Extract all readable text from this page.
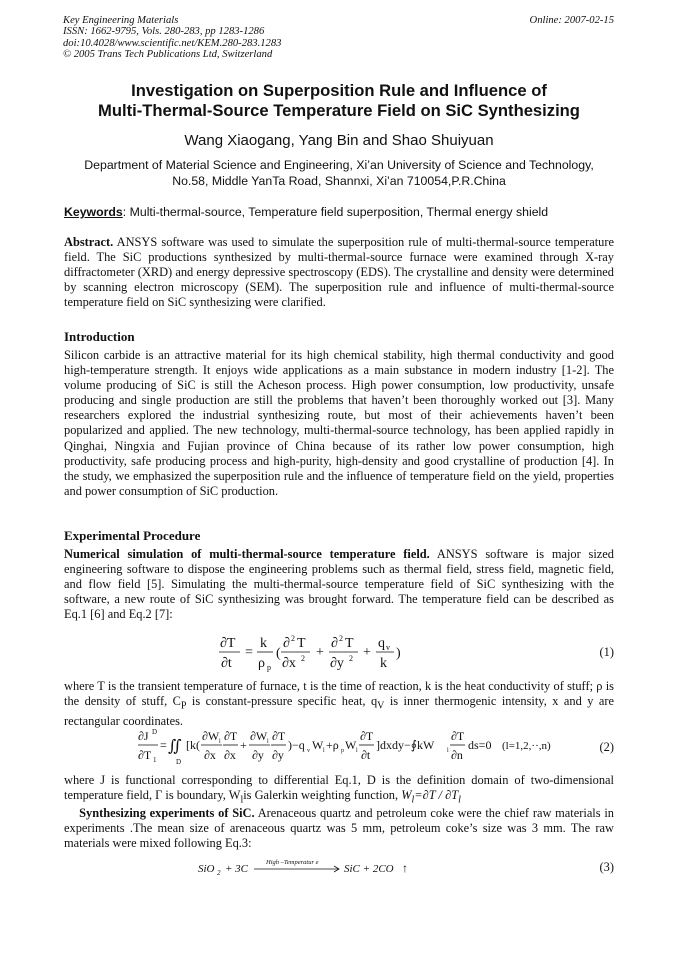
Key Engineering Materials
ISSN: 1662-9795, Vols. 280-283, pp 1283-1286
doi:10.4028/www.scientific.net/KEM.280-283.1283
© 2005 Trans Tech Publications Ltd, Switzerland
Online: 2007-02-15
Investigation on Superposition Rule and Influence of
Multi-Thermal-Source Temperature Field on SiC Synthesizing
Wang Xiaogang, Yang Bin and Shao Shuiyuan
Department of Material Science and Engineering, Xi’an University of Science and Technology,
No.58, Middle YanTa Road, Shannxi, Xi’an 710054,P.R.China
Keywords: Multi-thermal-source, Temperature field superposition, Thermal energy shield
Abstract. ANSYS software was used to simulate the superposition rule of multi-thermal-source temperature field. The SiC productions synthesized by multi-thermal-source furnace were examined through X-ray diffractometer (XRD) and energy depressive spectroscopy (EDS). The crystalline and density were determined by scanning electron microscopy (SEM). The superposition rule and influence of multi-thermal-source temperature field on SiC synthesizing were clarified.
Introduction
Silicon carbide is an attractive material for its high chemical stability, high thermal conductivity and good high-temperature strength. It enjoys wide applications as a main substance in modern industry [1-2]. The volume producing of SiC is still the Acheson process. High power consumption, low productivity, unsafe producing and single production are still the problems that haven’t been thoroughly worked out [3]. Many researchers explored the industrial synthesizing route, but most of their achievements haven’t been popularized and applied. The new technology, multi-thermal-source technology, has been applied rapidly in Qinghai, Ningxia and Fujian province of China because of its rather low power consumption, high productivity, safe producing process and high-purity, high-density and good crystalline of production [4]. In the study, we emphasized the superposition rule and the influence of temperature field on the yield, properties and power consumption of SiC production.
Experimental Procedure
Numerical simulation of multi-thermal-source temperature field. ANSYS software is major sized engineering software to dispose the engineering problems such as thermal field, stress field, magnetic field, and flow field [5]. Simulating the multi-thermal-source temperature field of SiC synthesizing with the software, a new route of SiC synthesizing was brought forward. The temperature field can be described as Eq.1 [6] and Eq.2 [7]:
∂T
∂t
=
k
ρ p
(
∂ 2 T
∂x 2 +
∂ 2 T
∂y 2 +
q v
k
)	(1)
where T is the transient temperature of furnace, t is the time of reaction, k is the heat conductivity of stuff; ρ is the density of stuff, $C_P$ is constant-pressure specific heat, $q_V$ is inner thermogenic intensity, x and y are rectangular coordinates.
∂J D
∂T 1
= ∬
D
[k(
∂W l
∂x
∂T
∂x
+
∂W l
∂y
∂T
∂y
)−q v W l +ρ p W l
∂T
∂t
]dxdy−∮kW l
∂T
∂n
ds=0 (l=1,2,··,n)	(2)
where J is functional corresponding to differential Eq.1, D is the definition domain of two-dimensional temperature field, Γ is boundary, $W_lis$ Galerkin weighting function, $W_l=\partial T / \partial T_l$
Synthesizing experiments of SiC. Arenaceous quartz and petroleum coke were the chief raw materials in experiments .The mean size of arenaceous quartz was 5 mm, petroleum coke’s size was 3 mm. The raw materials were mixed following Eq.3:
SiO 2 + 3C
High –Temperatur e
SiC + 2CO ↑	(3)
